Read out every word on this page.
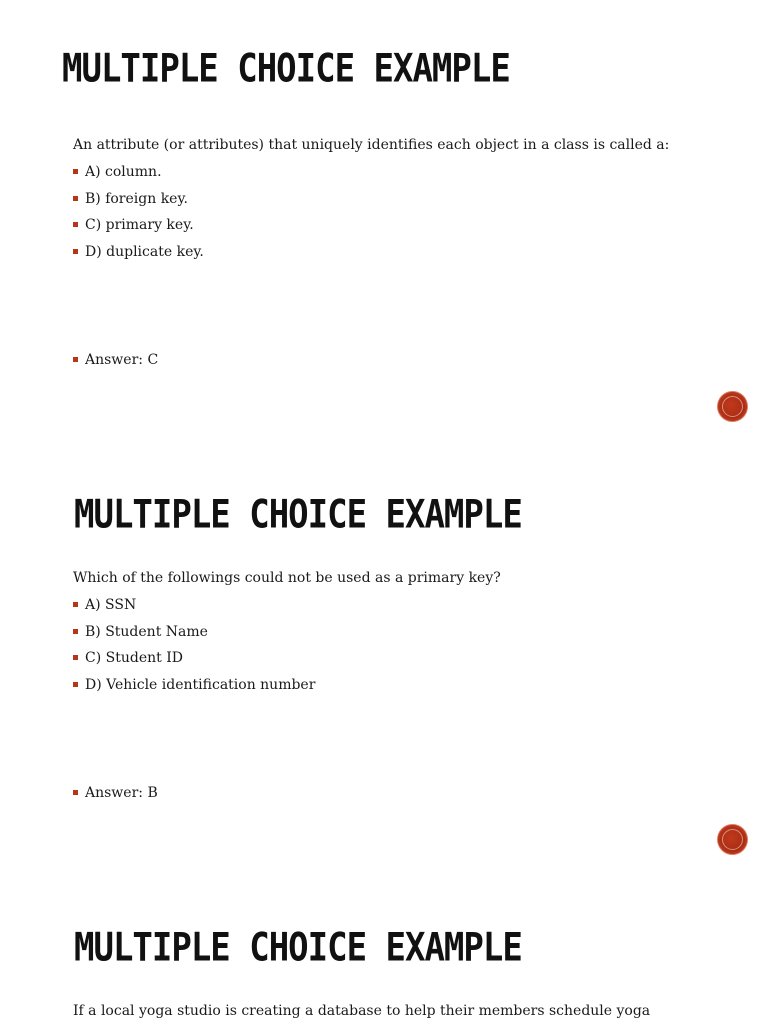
MULTIPLE CHOICE EXAMPLE

An attribute (or attributes) that uniquely identifies each object in a class is called a:

A) column.
B) foreign key.
C) primary key.
D) duplicate key.

Answer: C

MULTIPLE CHOICE EXAMPLE

Which of the followings could not be used as a primary key?

A) SSN
B) Student Name
C) Student ID
D) Vehicle identification number

Answer: B

MULTIPLE CHOICE EXAMPLE

If a local yoga studio is creating a database to help their members schedule yoga
